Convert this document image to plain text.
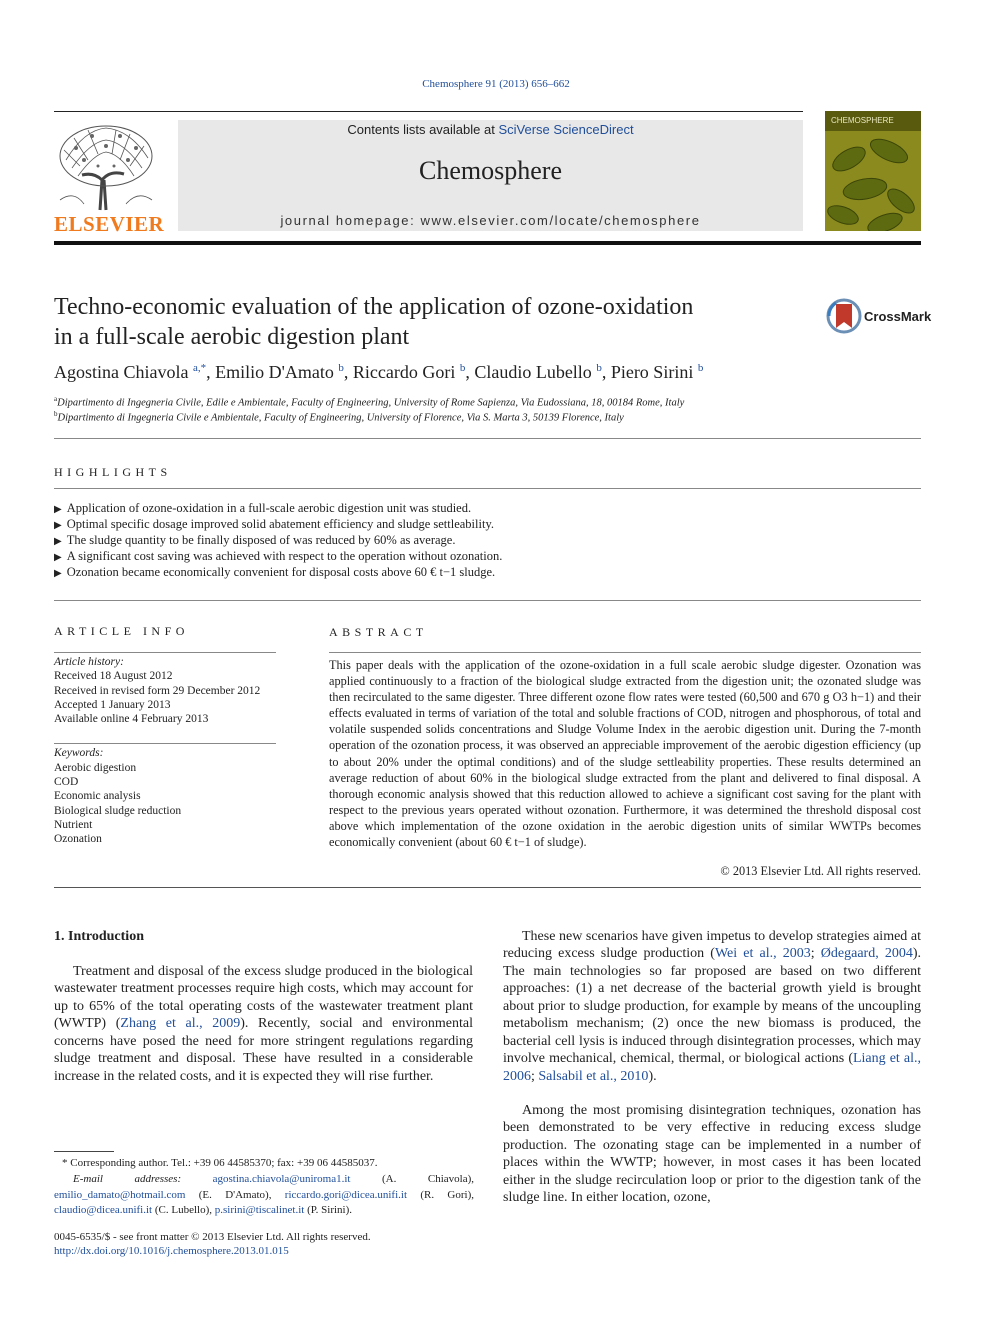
Chemosphere 91 (2013) 656–662
ELSEVIER
Contents lists available at SciVerse ScienceDirect
Chemosphere
journal homepage: www.elsevier.com/locate/chemosphere
CHEMOSPHERE
Techno-economic evaluation of the application of ozone-oxidation
in a full-scale aerobic digestion plant
CrossMark
Agostina Chiavola $^{a,*}$, Emilio D'Amato $^b$, Riccardo Gori $^b$, Claudio Lubello $^b$, Piero Sirini $^b$
$^a$Dipartimento di Ingegneria Civile, Edile e Ambientale, Faculty of Engineering, University of Rome Sapienza, Via Eudossiana, 18, 00184 Rome, Italy
$^b$Dipartimento di Ingegneria Civile e Ambientale, Faculty of Engineering, University of Florence, Via S. Marta 3, 50139 Florence, Italy
HIGHLIGHTS
▶ Application of ozone-oxidation in a full-scale aerobic digestion unit was studied.
▶ Optimal specific dosage improved solid abatement efficiency and sludge settleability.
▶ The sludge quantity to be finally disposed of was reduced by 60% as average.
▶ A significant cost saving was achieved with respect to the operation without ozonation.
▶ Ozonation became economically convenient for disposal costs above 60 € t−1 sludge.
ARTICLE INFO
Article history:
Received 18 August 2012
Received in revised form 29 December 2012
Accepted 1 January 2013
Available online 4 February 2013
Keywords:
Aerobic digestion
COD
Economic analysis
Biological sludge reduction
Nutrient
Ozonation
ABSTRACT
This paper deals with the application of the ozone-oxidation in a full scale aerobic sludge digester. Ozonation was applied continuously to a fraction of the biological sludge extracted from the digestion unit; the ozonated sludge was then recirculated to the same digester. Three different ozone flow rates were tested (60,500 and 670 g O3 h−1) and their effects evaluated in terms of variation of the total and soluble fractions of COD, nitrogen and phosphorous, of total and volatile suspended solids concentrations and Sludge Volume Index in the aerobic digestion unit. During the 7-month operation of the ozonation process, it was observed an appreciable improvement of the aerobic digestion efficiency (up to about 20% under the optimal conditions) and of the sludge settleability properties. These results determined an average reduction of about 60% in the biological sludge extracted from the plant and delivered to final disposal. A thorough economic analysis showed that this reduction allowed to achieve a significant cost saving for the plant with respect to the previous years operated without ozonation. Furthermore, it was determined the threshold disposal cost above which implementation of the ozone oxidation in the aerobic digestion units of similar WWTPs becomes economically convenient (about 60 € t−1 of sludge).
© 2013 Elsevier Ltd. All rights reserved.
1. Introduction
Treatment and disposal of the excess sludge produced in the biological wastewater treatment processes require high costs, which may account for up to 65% of the total operating costs of the wastewater treatment plant (WWTP) (Zhang et al., 2009). Recently, social and environmental concerns have posed the need for more stringent regulations regarding sludge treatment and disposal. These have resulted in a considerable increase in the related costs, and it is expected they will rise further.
These new scenarios have given impetus to develop strategies aimed at reducing excess sludge production (Wei et al., 2003; Ødegaard, 2004). The main technologies so far proposed are based on two different approaches: (1) a net decrease of the bacterial growth yield is brought about prior to sludge production, for example by means of the uncoupling metabolism mechanism; (2) once the new biomass is produced, the bacterial cell lysis is induced through disintegration processes, which may involve mechanical, chemical, thermal, or biological actions (Liang et al., 2006; Salsabil et al., 2010).
Among the most promising disintegration techniques, ozonation has been demonstrated to be very effective in reducing excess sludge production. The ozonating stage can be implemented in a number of places within the WWTP; however, in most cases it has been located either in the sludge recirculation loop or prior to the digestion tank of the sludge line. In either location, ozone,
* Corresponding author. Tel.: +39 06 44585370; fax: +39 06 44585037.
E-mail addresses: agostina.chiavola@uniroma1.it (A. Chiavola), emilio_damato@hotmail.com (E. D'Amato), riccardo.gori@dicea.unifi.it (R. Gori), claudio@dicea.unifi.it (C. Lubello), p.sirini@tiscalinet.it (P. Sirini).
0045-6535/$ - see front matter © 2013 Elsevier Ltd. All rights reserved.
http://dx.doi.org/10.1016/j.chemosphere.2013.01.015
